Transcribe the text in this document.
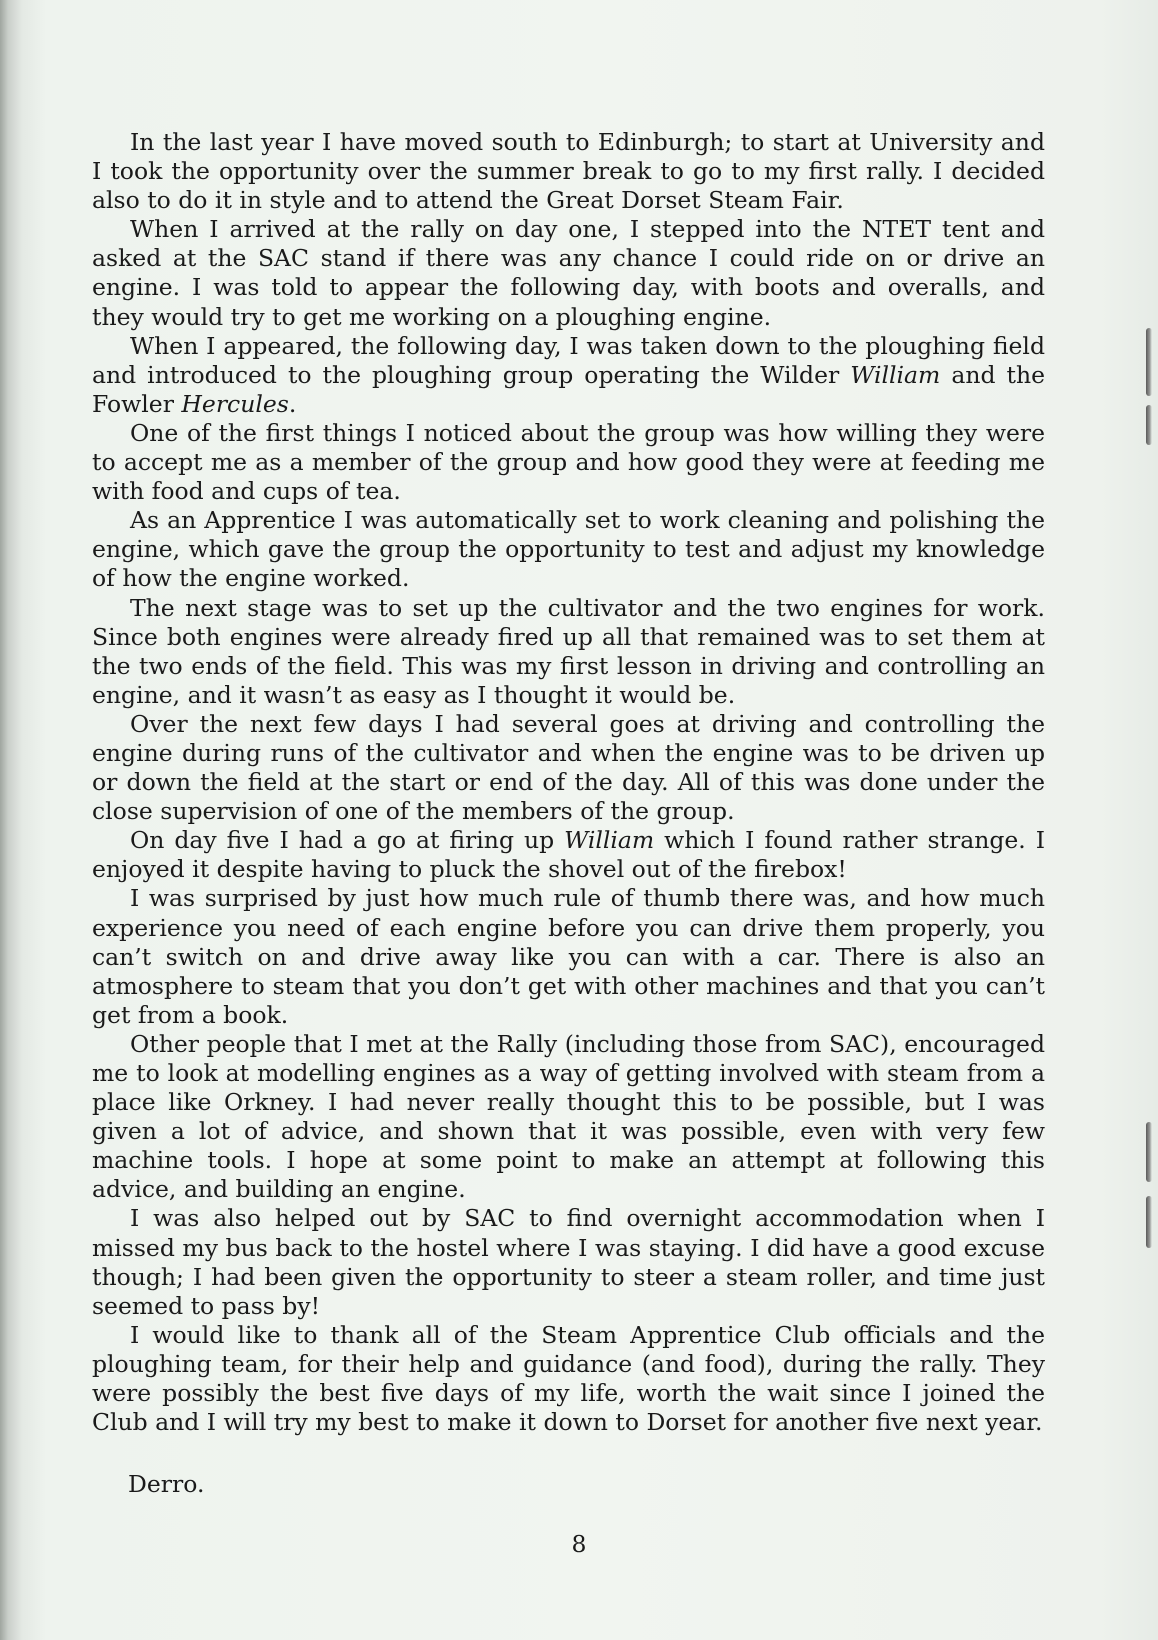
In the last year I have moved south to Edinburgh; to start at University and I took the opportunity over the summer break to go to my first rally. I decided also to do it in style and to attend the Great Dorset Steam Fair.

When I arrived at the rally on day one, I stepped into the NTET tent and asked at the SAC stand if there was any chance I could ride on or drive an engine. I was told to appear the following day, with boots and overalls, and they would try to get me working on a ploughing engine.

When I appeared, the following day, I was taken down to the ploughing field and introduced to the ploughing group operating the Wilder William and the Fowler Hercules.

One of the first things I noticed about the group was how willing they were to accept me as a member of the group and how good they were at feeding me with food and cups of tea.

As an Apprentice I was automatically set to work cleaning and polishing the engine, which gave the group the opportunity to test and adjust my knowledge of how the engine worked.

The next stage was to set up the cultivator and the two engines for work. Since both engines were already fired up all that remained was to set them at the two ends of the field. This was my first lesson in driving and controlling an engine, and it wasn’t as easy as I thought it would be.

Over the next few days I had several goes at driving and controlling the engine during runs of the cultivator and when the engine was to be driven up or down the field at the start or end of the day. All of this was done under the close supervision of one of the members of the group.

On day five I had a go at firing up William which I found rather strange. I enjoyed it despite having to pluck the shovel out of the firebox!

I was surprised by just how much rule of thumb there was, and how much experience you need of each engine before you can drive them properly, you can’t switch on and drive away like you can with a car. There is also an atmosphere to steam that you don’t get with other machines and that you can’t get from a book.

Other people that I met at the Rally (including those from SAC), encouraged me to look at modelling engines as a way of getting involved with steam from a place like Orkney. I had never really thought this to be possible, but I was given a lot of advice, and shown that it was possible, even with very few machine tools. I hope at some point to make an attempt at following this advice, and building an engine.

I was also helped out by SAC to find overnight accommodation when I missed my bus back to the hostel where I was staying. I did have a good excuse though; I had been given the opportunity to steer a steam roller, and time just seemed to pass by!

I would like to thank all of the Steam Apprentice Club officials and the ploughing team, for their help and guidance (and food), during the rally. They were possibly the best five days of my life, worth the wait since I joined the Club and I will try my best to make it down to Dorset for another five next year.

Derro.
8
